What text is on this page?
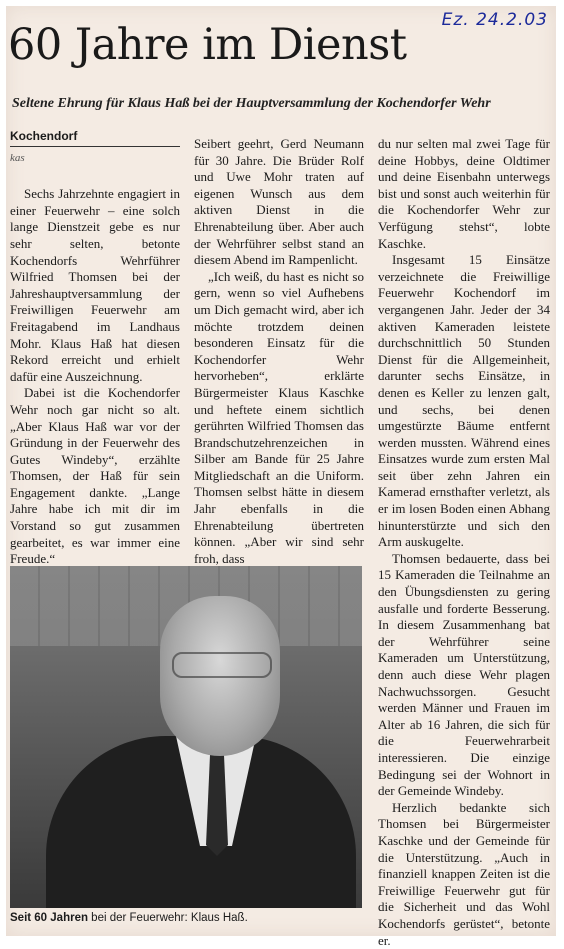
Ez. 24.2.03
60 Jahre im Dienst
Seltene Ehrung für Klaus Haß bei der Hauptversammlung der Kochendorfer Wehr
Kochendorf
kas

Sechs Jahrzehnte engagiert in einer Feuerwehr – eine solch lange Dienstzeit gebe es nur sehr selten, betonte Kochendorfs Wehrführer Wilfried Thomsen bei der Jahreshauptversammlung der Freiwilligen Feuerwehr am Freitagabend im Landhaus Mohr. Klaus Haß hat diesen Rekord erreicht und erhielt dafür eine Auszeichnung.

Dabei ist die Kochendorfer Wehr noch gar nicht so alt. „Aber Klaus Haß war vor der Gründung in der Feuerwehr des Gutes Windeby“, erzählte Thomsen, der Haß für sein Engagement dankte. „Lange Jahre habe ich mit dir im Vorstand so gut zusammen gearbeitet, es war immer eine Freude.“

Seibert geehrt, Gerd Neumann für 30 Jahre. Die Brüder Rolf und Uwe Mohr traten auf eigenen Wunsch aus dem aktiven Dienst in die Ehrenabteilung über. Aber auch der Wehrführer selbst stand an diesem Abend im Rampenlicht.

„Ich weiß, du hast es nicht so gern, wenn so viel Aufhebens um Dich gemacht wird, aber ich möchte trotzdem deinen besonderen Einsatz für die Kochendorfer Wehr hervorheben“, erklärte Bürgermeister Klaus Kaschke und heftete einem sichtlich gerührten Wilfried Thomsen das Brandschutzehrenzeichen in Silber am Bande für 25 Jahre Mitgliedschaft an die Uniform. Thomsen selbst hätte in diesem Jahr ebenfalls in die Ehrenabteilung übertreten können. „Aber wir sind sehr froh, dass

du nur selten mal zwei Tage für deine Hobbys, deine Oldtimer und deine Eisenbahn unterwegs bist und sonst auch weiterhin für die Kochendorfer Wehr zur Verfügung stehst“, lobte Kaschke.

Insgesamt 15 Einsätze verzeichnete die Freiwillige Feuerwehr Kochendorf im vergangenen Jahr. Jeder der 34 aktiven Kameraden leistete durchschnittlich 50 Stunden Dienst für die Allgemeinheit, darunter sechs Einsätze, in denen es Keller zu lenzen galt, und sechs, bei denen umgestürzte Bäume entfernt werden mussten. Während eines Einsatzes wurde zum ersten Mal seit über zehn Jahren ein Kamerad ernsthafter verletzt, als er im losen Boden einen Abhang hinunterstürzte und sich den Arm auskugelte.

Thomsen bedauerte, dass bei 15 Kameraden die Teilnahme an den Übungsdiensten zu gering ausfalle und forderte Besserung. In diesem Zusammenhang bat der Wehrführer seine Kameraden um Unterstützung, denn auch diese Wehr plagen Nachwuchssorgen. Gesucht werden Männer und Frauen im Alter ab 16 Jahren, die sich für die Feuerwehrarbeit interessieren. Die einzige Bedingung sei der Wohnort in der Gemeinde Windeby.

Herzlich bedankte sich Thomsen bei Bürgermeister Kaschke und der Gemeinde für die Unterstützung. „Auch in finanziell knappen Zeiten ist die Freiwillige Feuerwehr gut für die Sicherheit und das Wohl Kochendorfs gerüstet“, betonte er.

Seit 60 Jahren bei der Feuerwehr: Klaus Haß.
